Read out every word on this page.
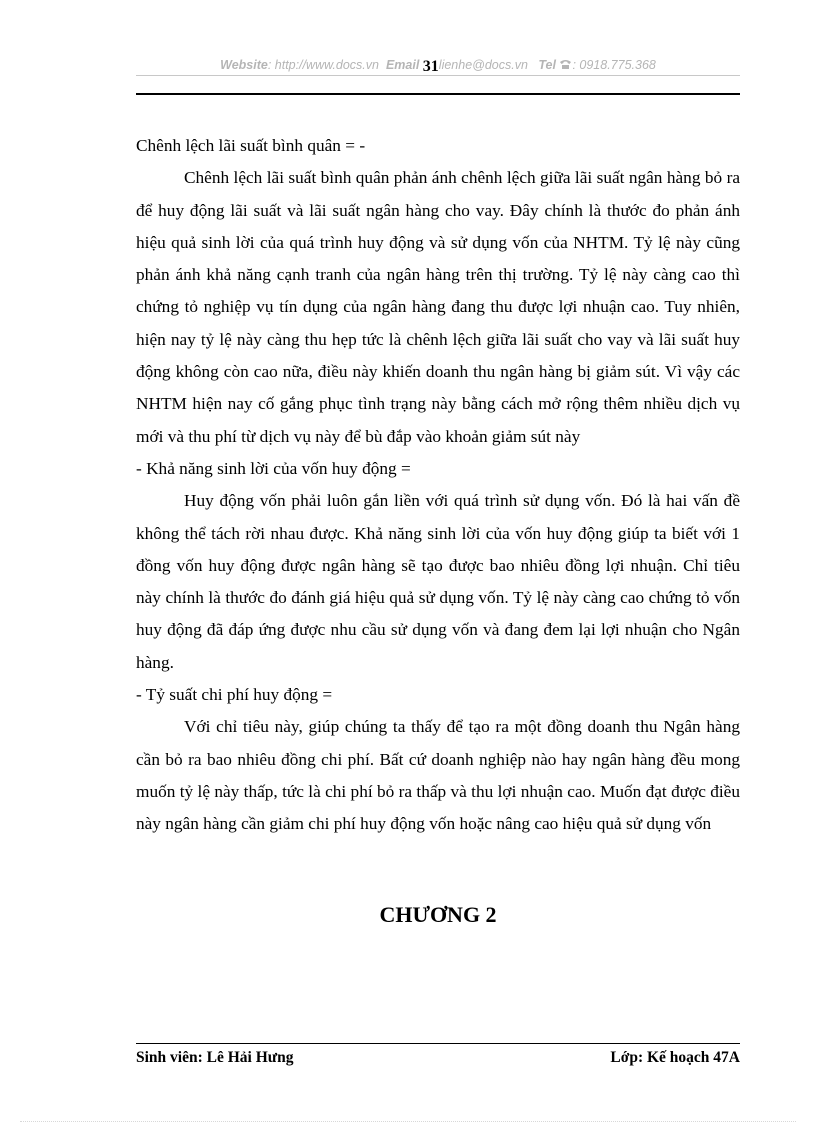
Website: http://www.docs.vn Email 31lienhe@docs.vn Tel : 0918.775.368

Chênh lệch lãi suất bình quân = -

Chênh lệch lãi suất bình quân phản ánh chênh lệch giữa lãi suất ngân hàng bỏ ra để huy động lãi suất và lãi suất ngân hàng cho vay. Đây chính là thước đo phản ánh hiệu quả sinh lời của quá trình huy động và sử dụng vốn của NHTM. Tỷ lệ này cũng phản ánh khả năng cạnh tranh của ngân hàng trên thị trường. Tỷ lệ này càng cao thì chứng tỏ nghiệp vụ tín dụng của ngân hàng đang thu được lợi nhuận cao. Tuy nhiên, hiện nay tỷ lệ này càng thu hẹp tức là chênh lệch giữa lãi suất cho vay và lãi suất huy động không còn cao nữa, điều này khiến doanh thu ngân hàng bị giảm sút. Vì vậy các NHTM hiện nay cố gắng phục tình trạng này bằng cách mở rộng thêm nhiều dịch vụ mới và thu phí từ dịch vụ này để bù đắp vào khoản giảm sút này

- Khả năng sinh lời của vốn huy động =

Huy động vốn phải luôn gắn liền với quá trình sử dụng vốn. Đó là hai vấn đề không thể tách rời nhau được. Khả năng sinh lời của vốn huy động giúp ta biết với 1 đồng vốn huy động được ngân hàng sẽ tạo được bao nhiêu đồng lợi nhuận. Chỉ tiêu này chính là thước đo đánh giá hiệu quả sử dụng vốn. Tỷ lệ này càng cao chứng tỏ vốn huy động đã đáp ứng được nhu cầu sử dụng vốn và đang đem lại lợi nhuận cho Ngân hàng.

- Tỷ suất chi phí huy động =

Với chỉ tiêu này, giúp chúng ta thấy để tạo ra một đồng doanh thu Ngân hàng cần bỏ ra bao nhiêu đồng chi phí. Bất cứ doanh nghiệp nào hay ngân hàng đều mong muốn tỷ lệ này thấp, tức là chi phí bỏ ra thấp và thu lợi nhuận cao. Muốn đạt được điều này ngân hàng cần giảm chi phí huy động vốn hoặc nâng cao hiệu quả sử dụng vốn

CHƯƠNG 2
Sinh viên: Lê Hải Hưng	Lớp: Kế hoạch 47A
